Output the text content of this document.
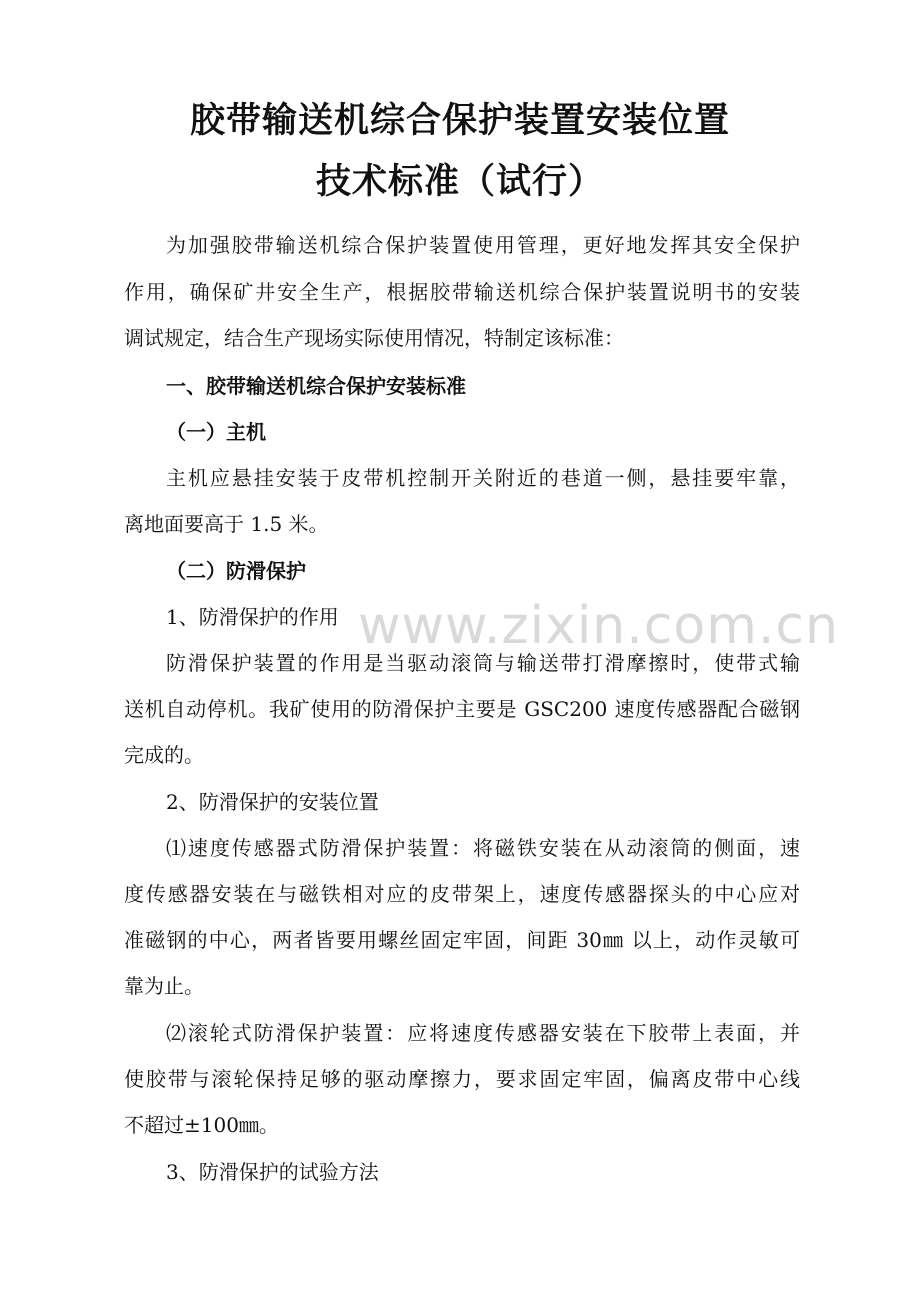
胶带输送机综合保护装置安装位置
技术标准（试行）

为加强胶带输送机综合保护装置使用管理，更好地发挥其安全保护

作用，确保矿井安全生产，根据胶带输送机综合保护装置说明书的安装

调试规定，结合生产现场实际使用情况，特制定该标准：

一、胶带输送机综合保护安装标准

（一）主机

主机应悬挂安装于皮带机控制开关附近的巷道一侧，悬挂要牢靠，

离地面要高于 1.5 米。

（二）防滑保护

1、防滑保护的作用

防滑保护装置的作用是当驱动滚筒与输送带打滑摩擦时，使带式输

送机自动停机。我矿使用的防滑保护主要是 GSC200 速度传感器配合磁钢

完成的。

2、防滑保护的安装位置

⑴速度传感器式防滑保护装置：将磁铁安装在从动滚筒的侧面，速

度传感器安装在与磁铁相对应的皮带架上，速度传感器探头的中心应对

准磁钢的中心，两者皆要用螺丝固定牢固，间距 30㎜ 以上，动作灵敏可

靠为止。

⑵滚轮式防滑保护装置：应将速度传感器安装在下胶带上表面，并

使胶带与滚轮保持足够的驱动摩擦力，要求固定牢固，偏离皮带中心线

不超过±100㎜。

3、防滑保护的试验方法

www.zixin.com.cn
